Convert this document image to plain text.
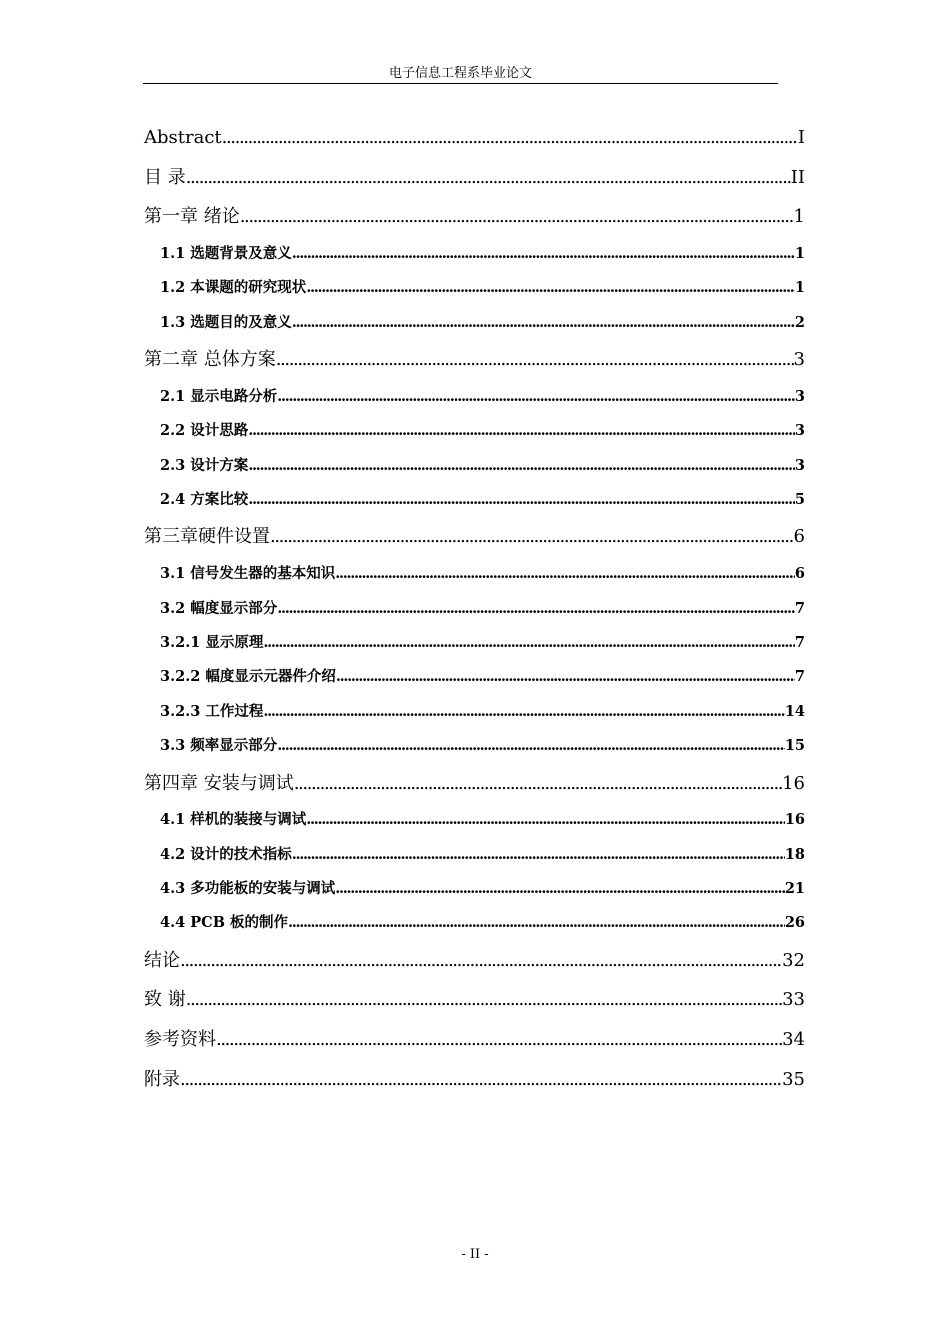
电子信息工程系毕业论文
Abstract .....	I
目 录 .....	II
第一章 绪论 .....	1
1.1 选题背景及意义 .....	1
1.2 本课题的研究现状 .....	1
1.3 选题目的及意义 .....	2
第二章 总体方案 .....	3
2.1 显示电路分析 .....	3
2.2 设计思路 .....	3
2.3 设计方案 .....	3
2.4 方案比较 .....	5
第三章硬件设置 .....	6
3.1 信号发生器的基本知识 .....	6
3.2 幅度显示部分 .....	7
3.2.1 显示原理 .....	7
3.2.2 幅度显示元器件介绍 .....	7
3.2.3 工作过程 .....	14
3.3 频率显示部分 .....	15
第四章 安装与调试 .....	16
4.1 样机的装接与调试 .....	16
4.2 设计的技术指标 .....	18
4.3 多功能板的安装与调试 .....	21
4.4 PCB 板的制作 .....	26
结论 .....	32
致 谢 .....	33
参考资料 .....	34
附录 .....	35
- II -
